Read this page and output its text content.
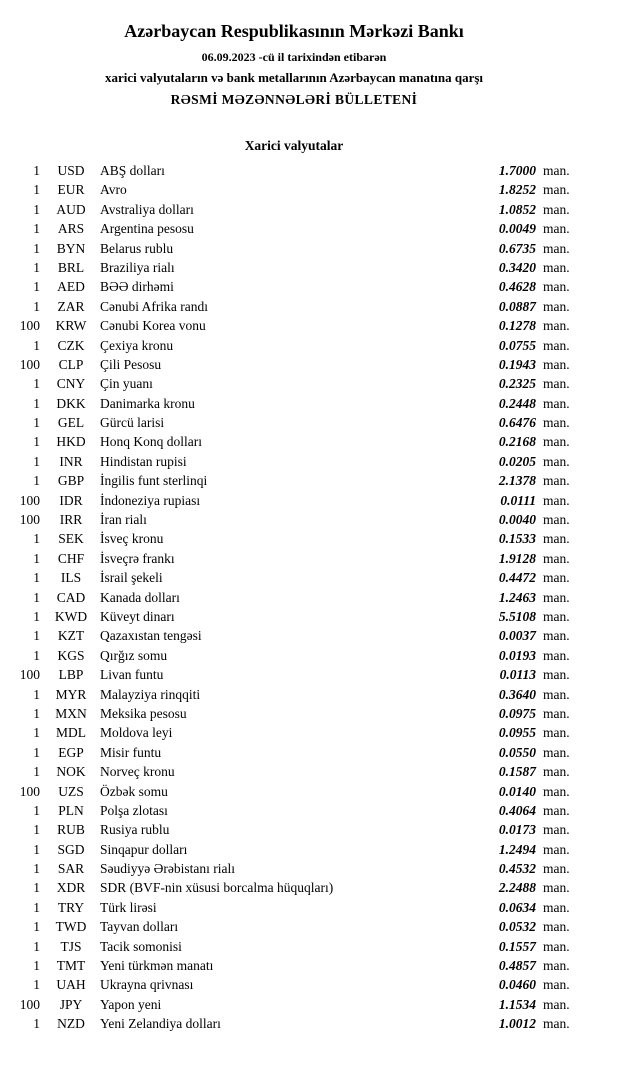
Azərbaycan Respublikasının Mərkəzi Bankı
06.09.2023 -cü il tarixindən etibarən
xarici valyutaların və bank metallarının Azərbaycan manatına qarşı
RƏSMİ MƏZƏNNƏLƏRİ BÜLLETENİ
Xarici valyutalar
1	USD	ABŞ dolları	1.7000 man.
1	EUR	Avro	1.8252 man.
1	AUD	Avstraliya dolları	1.0852 man.
1	ARS	Argentina pesosu	0.0049 man.
1	BYN	Belarus rublu	0.6735 man.
1	BRL	Braziliya rialı	0.3420 man.
1	AED	BƏƏ dirhəmi	0.4628 man.
1	ZAR	Cənubi Afrika randı	0.0887 man.
100	KRW	Cənubi Korea vonu	0.1278 man.
1	CZK	Çexiya kronu	0.0755 man.
100	CLP	Çili Pesosu	0.1943 man.
1	CNY	Çin yuanı	0.2325 man.
1	DKK	Danimarka kronu	0.2448 man.
1	GEL	Gürcü larisi	0.6476 man.
1	HKD	Honq Konq dolları	0.2168 man.
1	INR	Hindistan rupisi	0.0205 man.
1	GBP	İngilis funt sterlinqi	2.1378 man.
100	IDR	İndoneziya rupiası	0.0111 man.
100	IRR	İran rialı	0.0040 man.
1	SEK	İsveç kronu	0.1533 man.
1	CHF	İsveçrə frankı	1.9128 man.
1	ILS	İsrail şekeli	0.4472 man.
1	CAD	Kanada dolları	1.2463 man.
1	KWD Küveyt dinarı	5.5108 man.
1	KZT	Qazaxıstan tengəsi	0.0037 man.
1	KGS	Qırğız somu	0.0193 man.
100	LBP	Livan funtu	0.0113 man.
1	MYR	Malayziya rinqqiti	0.3640 man.
1	MXN Meksika pesosu	0.0975 man.
1	MDL	Moldova leyi	0.0955 man.
1	EGP	Misir funtu	0.0550 man.
1	NOK	Norveç kronu	0.1587 man.
100	UZS	Özbək somu	0.0140 man.
1	PLN	Polşa zlotası	0.4064 man.
1	RUB	Rusiya rublu	0.0173 man.
1	SGD	Sinqapur dolları	1.2494 man.
1	SAR	Səudiyyə Ərəbistanı rialı	0.4532 man.
1	XDR	SDR (BVF-nin xüsusi borcalma hüquqları)	2.2488 man.
1	TRY	Türk lirəsi	0.0634 man.
1	TWD	Tayvan dolları	0.0532 man.
1	TJS	Tacik somonisi	0.1557 man.
1	TMT	Yeni türkmən manatı	0.4857 man.
1	UAH	Ukrayna qrivnası	0.0460 man.
100	JPY	Yapon yeni	1.1534 man.
1	NZD	Yeni Zelandiya dolları	1.0012 man.
